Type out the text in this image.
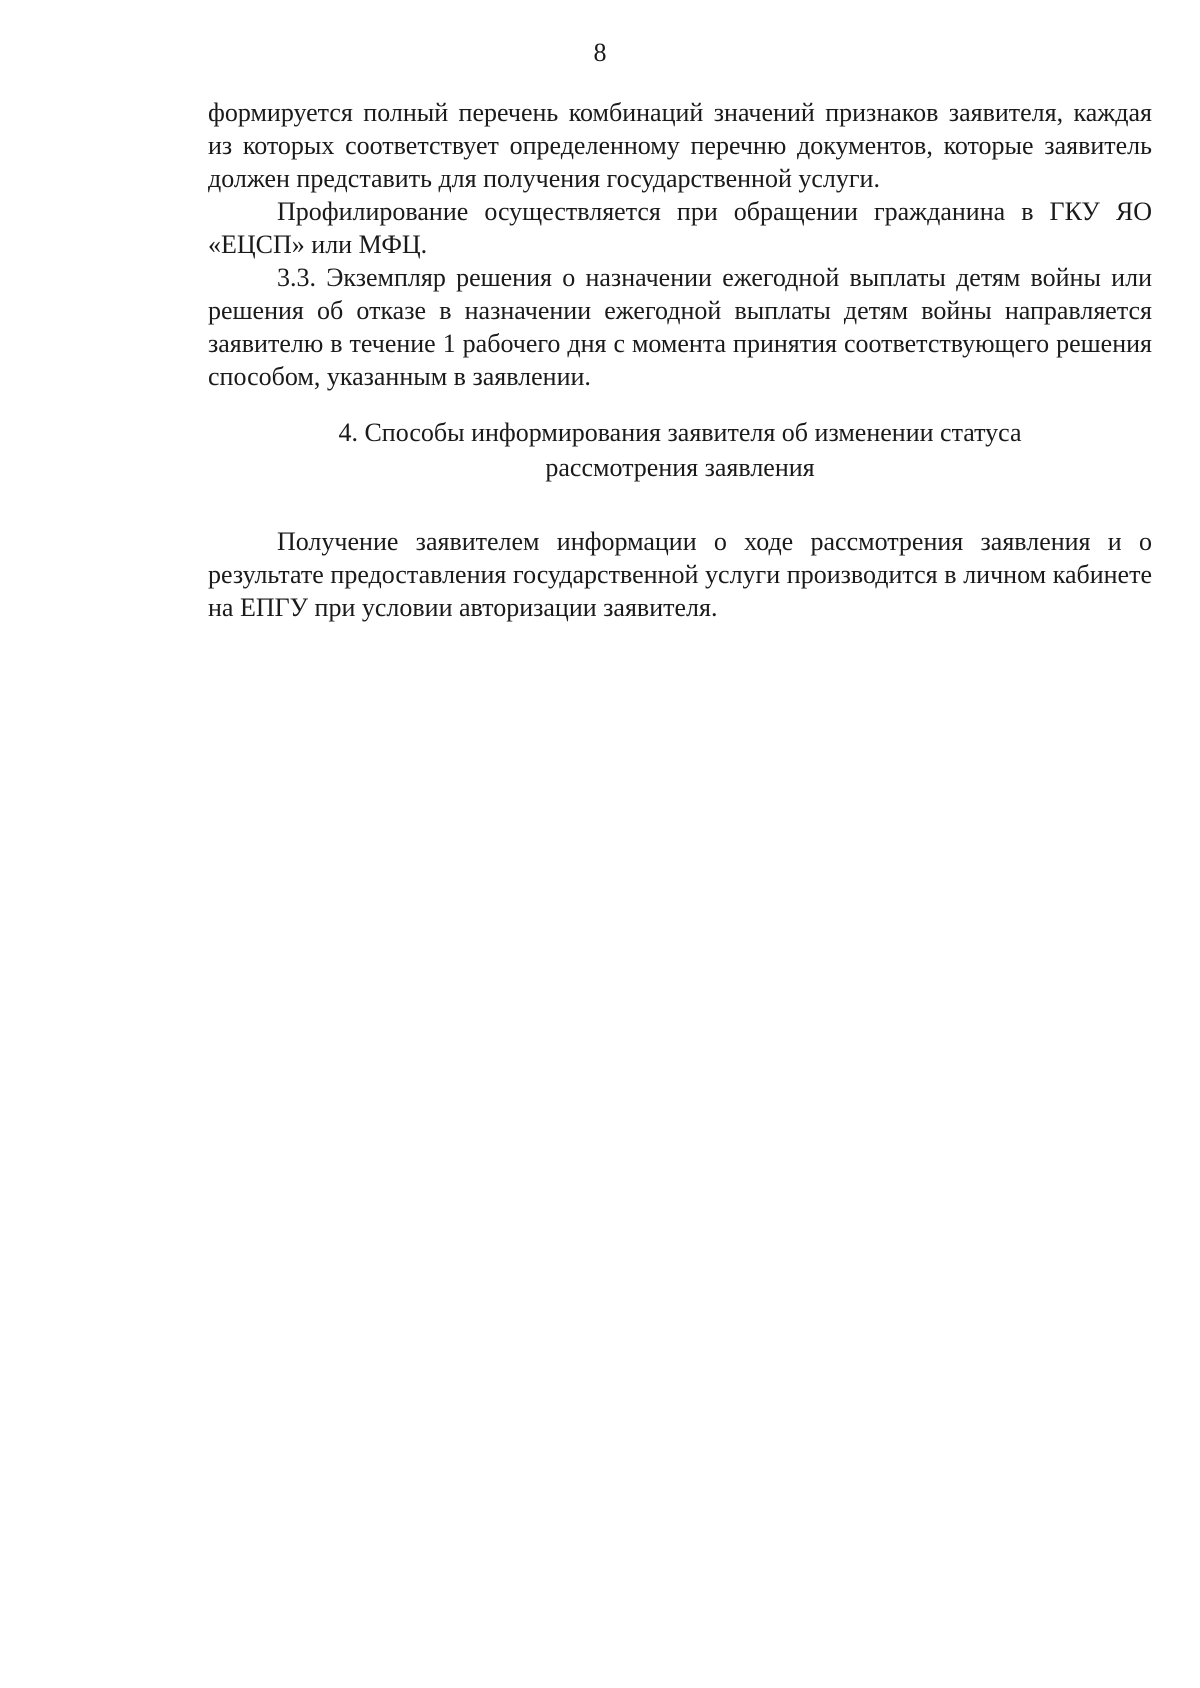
8

формируется полный перечень комбинаций значений признаков заявителя, каждая из которых соответствует определенному перечню документов, которые заявитель должен представить для получения государственной услуги.

Профилирование осуществляется при обращении гражданина в ГКУ ЯО «ЕЦСП» или МФЦ.

3.3. Экземпляр решения о назначении ежегодной выплаты детям войны или решения об отказе в назначении ежегодной выплаты детям войны направляется заявителю в течение 1 рабочего дня с момента принятия соответствующего решения способом, указанным в заявлении.

4. Способы информирования заявителя об изменении статуса
рассмотрения заявления

Получение заявителем информации о ходе рассмотрения заявления и о результате предоставления государственной услуги производится в личном кабинете на ЕПГУ при условии авторизации заявителя.
